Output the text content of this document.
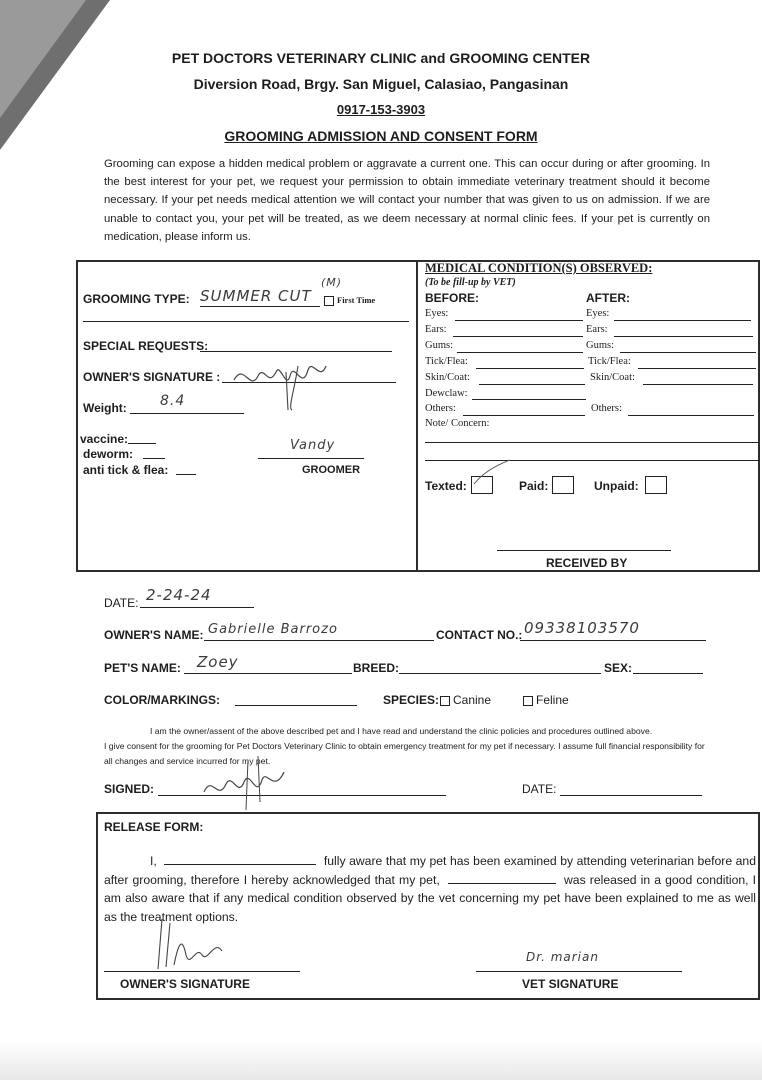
PET DOCTORS VETERINARY CLINIC and GROOMING CENTER
Diversion Road, Brgy. San Miguel, Calasiao, Pangasinan
0917-153-3903
GROOMING ADMISSION AND CONSENT FORM
Grooming can expose a hidden medical problem or aggravate a current one. This can occur during or after grooming. In the best interest for your pet, we request your permission to obtain immediate veterinary treatment should it become necessary. If your pet needs medical attention we will contact your number that was given to us on admission. If we are unable to contact you, your pet will be treated, as we deem necessary at normal clinic fees. If your pet is currently on medication, please inform us.
GROOMING TYPE: SUMMER CUT
(M)
First Time
SPECIAL REQUESTS:
OWNER'S SIGNATURE :
Weight: 8.4
vaccine:
deworm:
anti tick & flea:
Vandy
GROOMER
MEDICAL CONDITION(S) OBSERVED:
(To be fill-up by VET)
BEFORE:	AFTER:
Eyes:	Eyes:
Ears:	Ears:
Gums:	Gums:
Tick/Flea:	Tick/Flea:
Skin/Coat:	Skin/Coat:
Dewclaw:
Others:	Others:
Note/ Concern:
Texted:	Paid:	Unpaid:
RECEIVED BY
DATE: 2-24-24
OWNER'S NAME: Gabrielle Barrozo	CONTACT NO.: 09338103570
PET'S NAME: Zoey	BREED:	SEX:
COLOR/MARKINGS:	SPECIES:	Canine	Feline
I am the owner/assent of the above described pet and I have read and understand the clinic policies and procedures outlined above.
I give consent for the grooming for Pet Doctors Veterinary Clinic to obtain emergency treatment for my pet if necessary. I assume full financial responsibility for all changes and service incurred for my pet.
SIGNED:	DATE:
RELEASE FORM:
I,	fully aware that my pet has been examined by attending veterinarian before and after grooming, therefore I hereby acknowledged that my pet,	was released in a good condition, I am also aware that if any medical condition observed by the vet concerning my pet have been explained to me as well as the treatment options.
OWNER'S SIGNATURE
Dr. marian
VET SIGNATURE
